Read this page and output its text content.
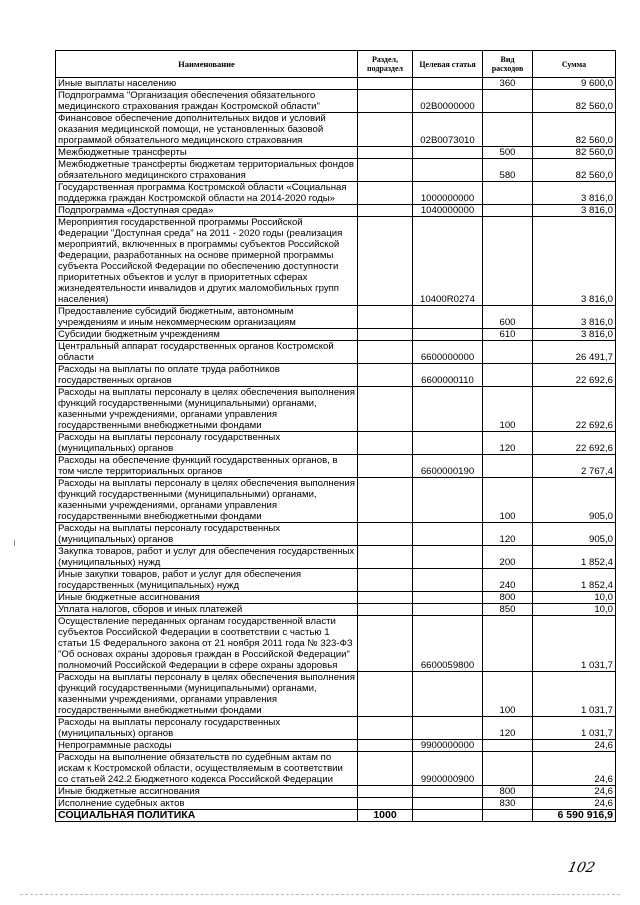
Наименование	Раздел, подраздел	Целевая статья	Вид расходов	Сумма
Иные выплаты населению			360	9 600,0
Подпрограмма "Организация обеспечения обязательного медицинского страхования граждан Костромской области"		02В0000000		82 560,0
Финансовое обеспечение дополнительных видов и условий оказания медицинской помощи, не установленных базовой программой обязательного медицинского страхования		02В0073010		82 560,0
Межбюджетные трансферты			500	82 560,0
Межбюджетные трансферты бюджетам территориальных фондов обязательного медицинского страхования			580	82 560,0
Государственная программа Костромской области «Социальная поддержка граждан Костромской области на 2014-2020 годы»		1000000000		3 816,0
Подпрограмма «Доступная среда»		1040000000		3 816,0
Мероприятия государственной программы Российской Федерации "Доступная среда" на 2011 - 2020 годы (реализация мероприятий, включенных в программы субъектов Российской Федерации, разработанных на основе примерной программы субъекта Российской Федерации по обеспечению доступности приоритетных объектов и услуг в приоритетных сферах жизнедеятельности инвалидов и других маломобильных групп населения)		10400R0274		3 816,0
Предоставление субсидий бюджетным, автономным учреждениям и иным некоммерческим организациям			600	3 816,0
Субсидии бюджетным учреждениям			610	3 816,0
Центральный аппарат государственных органов Костромской области		6600000000		26 491,7
Расходы на выплаты по оплате труда работников государственных органов		6600000110		22 692,6
Расходы на выплаты персоналу в целях обеспечения выполнения функций государственными (муниципальными) органами, казенными учреждениями, органами управления государственными внебюджетными фондами			100	22 692,6
Расходы на выплаты персоналу государственных (муниципальных) органов			120	22 692,6
Расходы на обеспечение функций государственных органов, в том числе территориальных органов		6600000190		2 767,4
Расходы на выплаты персоналу в целях обеспечения выполнения функций государственными (муниципальными) органами, казенными учреждениями, органами управления государственными внебюджетными фондами			100	905,0
Расходы на выплаты персоналу государственных (муниципальных) органов			120	905,0
Закупка товаров, работ и услуг для обеспечения государственных (муниципальных) нужд			200	1 852,4
Иные закупки товаров, работ и услуг для обеспечения государственных (муниципальных) нужд			240	1 852,4
Иные бюджетные ассигнования			800	10,0
Уплата налогов, сборов и иных платежей			850	10,0
Осуществление переданных органам государственной власти субъектов Российской Федерации в соответствии с частью 1 статьи 15 Федерального закона от 21 ноября 2011 года № 323-ФЗ "Об основах охраны здоровья граждан в Российской Федерации" полномочий Российской Федерации в сфере охраны здоровья		6600059800		1 031,7
Расходы на выплаты персоналу в целях обеспечения выполнения функций государственными (муниципальными) органами, казенными учреждениями, органами управления государственными внебюджетными фондами			100	1 031,7
Расходы на выплаты персоналу государственных (муниципальных) органов			120	1 031,7
Непрограммные расходы		9900000000		24,6
Расходы на выполнение обязательств по судебным актам по искам к Костромской области, осуществляемым в соответствии со статьей 242.2 Бюджетного кодекса Российской Федерации		9900000900		24,6
Иные бюджетные ассигнования			800	24,6
Исполнение судебных актов			830	24,6
СОЦИАЛЬНАЯ ПОЛИТИКА	1000			6 590 916,9
102
